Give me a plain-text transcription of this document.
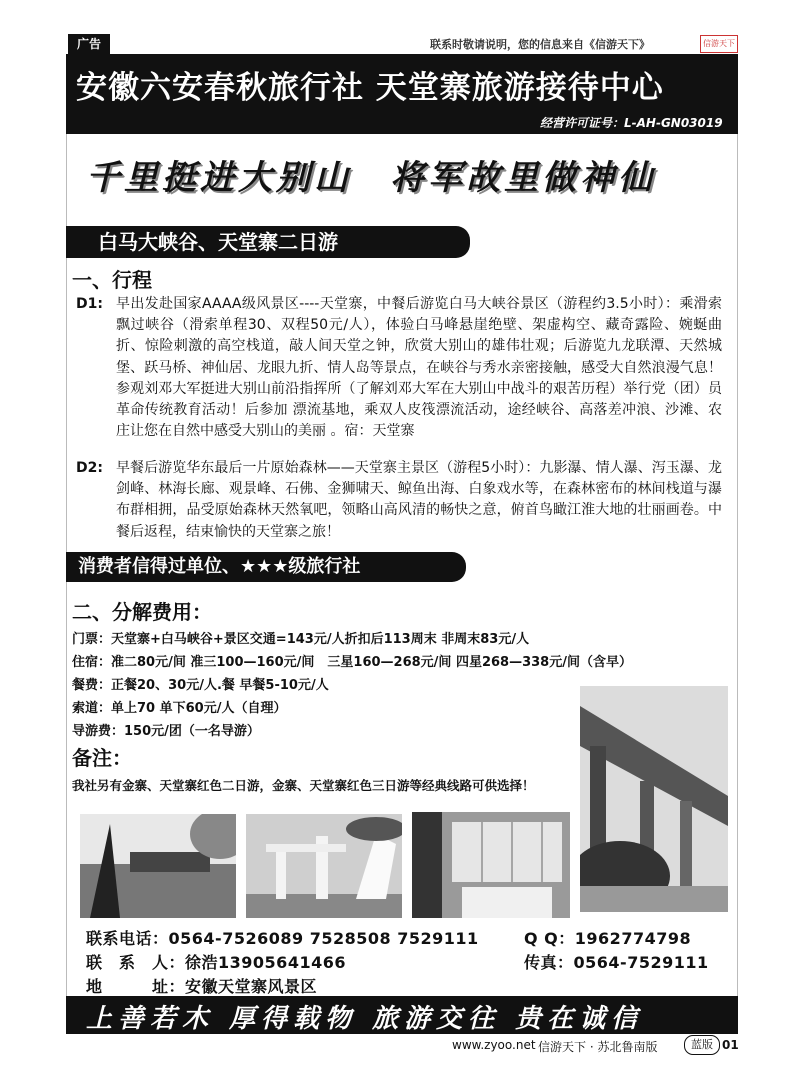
广告	联系时敬请说明，您的信息来自《信游天下》	信游天下
安徽六安春秋旅行社 天堂寨旅游接待中心
经营许可证号：L-AH-GN03019
千里挺进大别山　将军故里做神仙
白马大峡谷、天堂寨二日游
一、行程
D1: 早出发赴国家AAAA级风景区----天堂寨，中餐后游览白马大峡谷景区（游程约3.5小时）：乘滑索飘过峡谷（滑索单程30、双程50元/人），体验白马峰悬崖绝壁、架虚构空、藏奇露险、婉蜒曲折、惊险刺激的高空栈道，敲人间天堂之钟，欣赏大别山的雄伟壮观；后游览九龙联潭、天然城堡、跃马桥、神仙居、龙眼九折、情人岛等景点，在峡谷与秀水亲密接触，感受大自然浪漫气息！参观刘邓大军挺进大别山前沿指挥所（了解刘邓大军在大别山中战斗的艰苦历程）举行党（团）员革命传统教育活动！后参加 漂流基地，乘双人皮筏漂流活动，途经峡谷、高落差冲浪、沙滩、农庄让您在自然中感受大别山的美丽 。宿：天堂寨
D2: 早餐后游览华东最后一片原始森林——天堂寨主景区（游程5小时）：九影瀑、情人瀑、泻玉瀑、龙剑峰、林海长廊、观景峰、石佛、金狮啸天、鲸鱼出海、白象戏水等，在森林密布的林间栈道与瀑布群相拥，品受原始森林天然氧吧，领略山高风清的畅快之意，俯首鸟瞰江淮大地的壮丽画卷。中餐后返程，结束愉快的天堂寨之旅！
消费者信得过单位、★★★级旅行社
二、分解费用：
门票：天堂寨+白马峡谷+景区交通=143元/人折扣后113周末 非周末83元/人
住宿：准二80元/间 准三100—160元/间　三星160—268元/间 四星268—338元/间（含早）
餐费：正餐20、30元/人.餐 早餐5-10元/人
索道：单上70 单下60元/人（自理）
导游费：150元/团（一名导游）
备注：
我社另有金寨、天堂寨红色二日游，金寨、天堂寨红色三日游等经典线路可供选择！
联系电话：0564-7526089 7528508 7529111	Q Q：1962774798
联　系　人：徐浩13905641466	传真：0564-7529111
地　　　址：安徽天堂寨风景区
上善若木 厚得载物 旅游交往 贵在诚信
www.zyoo.net 信游天下 · 苏北鲁南版	蓝版 01
